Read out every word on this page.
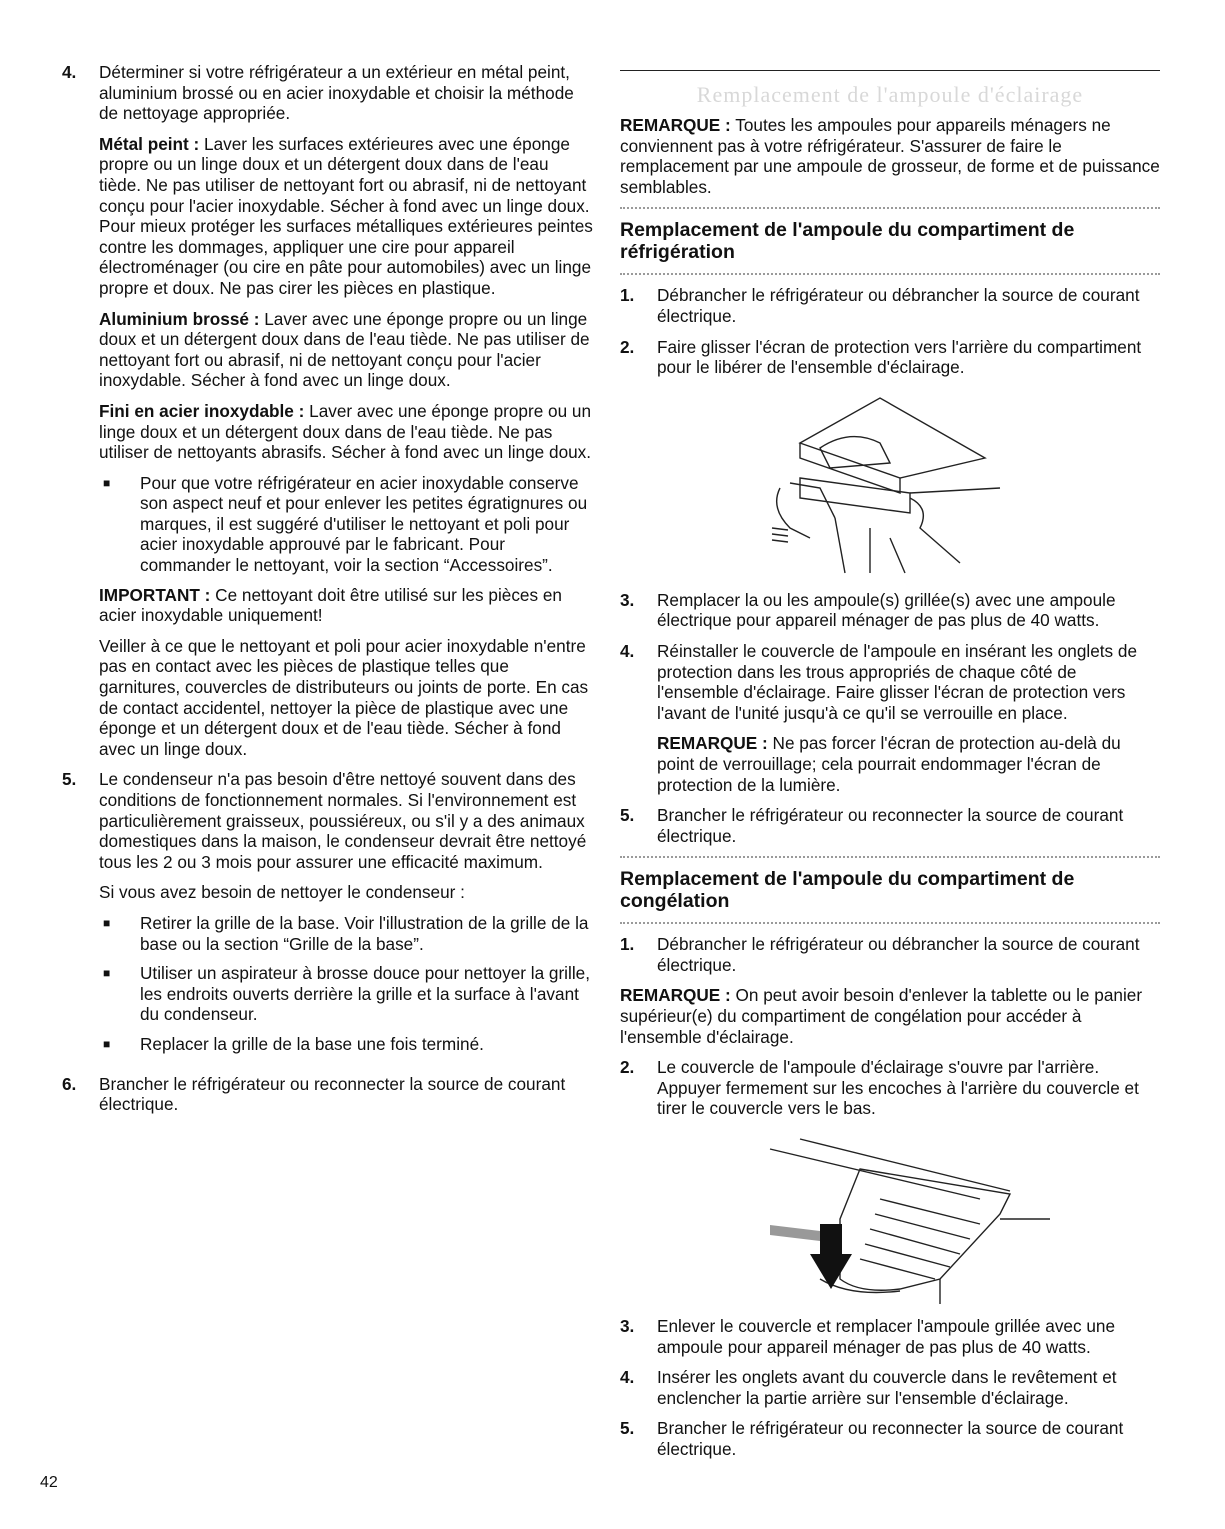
4.	Déterminer si votre réfrigérateur a un extérieur en métal peint, aluminium brossé ou en acier inoxydable et choisir la méthode de nettoyage appropriée.

Métal peint : Laver les surfaces extérieures avec une éponge propre ou un linge doux et un détergent doux dans de l'eau tiède. Ne pas utiliser de nettoyant fort ou abrasif, ni de nettoyant conçu pour l'acier inoxydable. Sécher à fond avec un linge doux. Pour mieux protéger les surfaces métalliques extérieures peintes contre les dommages, appliquer une cire pour appareil électroménager (ou cire en pâte pour automobiles) avec un linge propre et doux. Ne pas cirer les pièces en plastique.

Aluminium brossé : Laver avec une éponge propre ou un linge doux et un détergent doux dans de l'eau tiède. Ne pas utiliser de nettoyant fort ou abrasif, ni de nettoyant conçu pour l'acier inoxydable. Sécher à fond avec un linge doux.

Fini en acier inoxydable : Laver avec une éponge propre ou un linge doux et un détergent doux dans de l'eau tiède. Ne pas utiliser de nettoyants abrasifs. Sécher à fond avec un linge doux.

■	Pour que votre réfrigérateur en acier inoxydable conserve son aspect neuf et pour enlever les petites égratignures ou marques, il est suggéré d'utiliser le nettoyant et poli pour acier inoxydable approuvé par le fabricant. Pour commander le nettoyant, voir la section “Accessoires”.

IMPORTANT : Ce nettoyant doit être utilisé sur les pièces en acier inoxydable uniquement!

Veiller à ce que le nettoyant et poli pour acier inoxydable n'entre pas en contact avec les pièces de plastique telles que garnitures, couvercles de distributeurs ou joints de porte. En cas de contact accidentel, nettoyer la pièce de plastique avec une éponge et un détergent doux et de l'eau tiède. Sécher à fond avec un linge doux.

5.	Le condenseur n'a pas besoin d'être nettoyé souvent dans des conditions de fonctionnement normales. Si l'environnement est particulièrement graisseux, poussiéreux, ou s'il y a des animaux domestiques dans la maison, le condenseur devrait être nettoyé tous les 2 ou 3 mois pour assurer une efficacité maximum.

Si vous avez besoin de nettoyer le condenseur :

■	Retirer la grille de la base. Voir l'illustration de la grille de la base ou la section “Grille de la base”.
■	Utiliser un aspirateur à brosse douce pour nettoyer la grille, les endroits ouverts derrière la grille et la surface à l'avant du condenseur.
■	Replacer la grille de la base une fois terminé.
6.	Brancher le réfrigérateur ou reconnecter la source de courant électrique.

Remplacement de l'ampoule d'éclairage

REMARQUE : Toutes les ampoules pour appareils ménagers ne conviennent pas à votre réfrigérateur. S'assurer de faire le remplacement par une ampoule de grosseur, de forme et de puissance semblables.

Remplacement de l'ampoule du compartiment de réfrigération
1.	Débrancher le réfrigérateur ou débrancher la source de courant électrique.
2.	Faire glisser l'écran de protection vers l'arrière du compartiment pour le libérer de l'ensemble d'éclairage.
3.	Remplacer la ou les ampoule(s) grillée(s) avec une ampoule électrique pour appareil ménager de pas plus de 40 watts.
4.	Réinstaller le couvercle de l'ampoule en insérant les onglets de protection dans les trous appropriés de chaque côté de l'ensemble d'éclairage. Faire glisser l'écran de protection vers l'avant de l'unité jusqu'à ce qu'il se verrouille en place.

REMARQUE : Ne pas forcer l'écran de protection au-delà du point de verrouillage; cela pourrait endommager l'écran de protection de la lumière.

5.	Brancher le réfrigérateur ou reconnecter la source de courant électrique.
Remplacement de l'ampoule du compartiment de congélation
1.	Débrancher le réfrigérateur ou débrancher la source de courant électrique.

REMARQUE : On peut avoir besoin d'enlever la tablette ou le panier supérieur(e) du compartiment de congélation pour accéder à l'ensemble d'éclairage.

2.	Le couvercle de l'ampoule d'éclairage s'ouvre par l'arrière. Appuyer fermement sur les encoches à l'arrière du couvercle et tirer le couvercle vers le bas.
3.	Enlever le couvercle et remplacer l'ampoule grillée avec une ampoule pour appareil ménager de pas plus de 40 watts.
4.	Insérer les onglets avant du couvercle dans le revêtement et enclencher la partie arrière sur l'ensemble d'éclairage.
5.	Brancher le réfrigérateur ou reconnecter la source de courant électrique.
42
